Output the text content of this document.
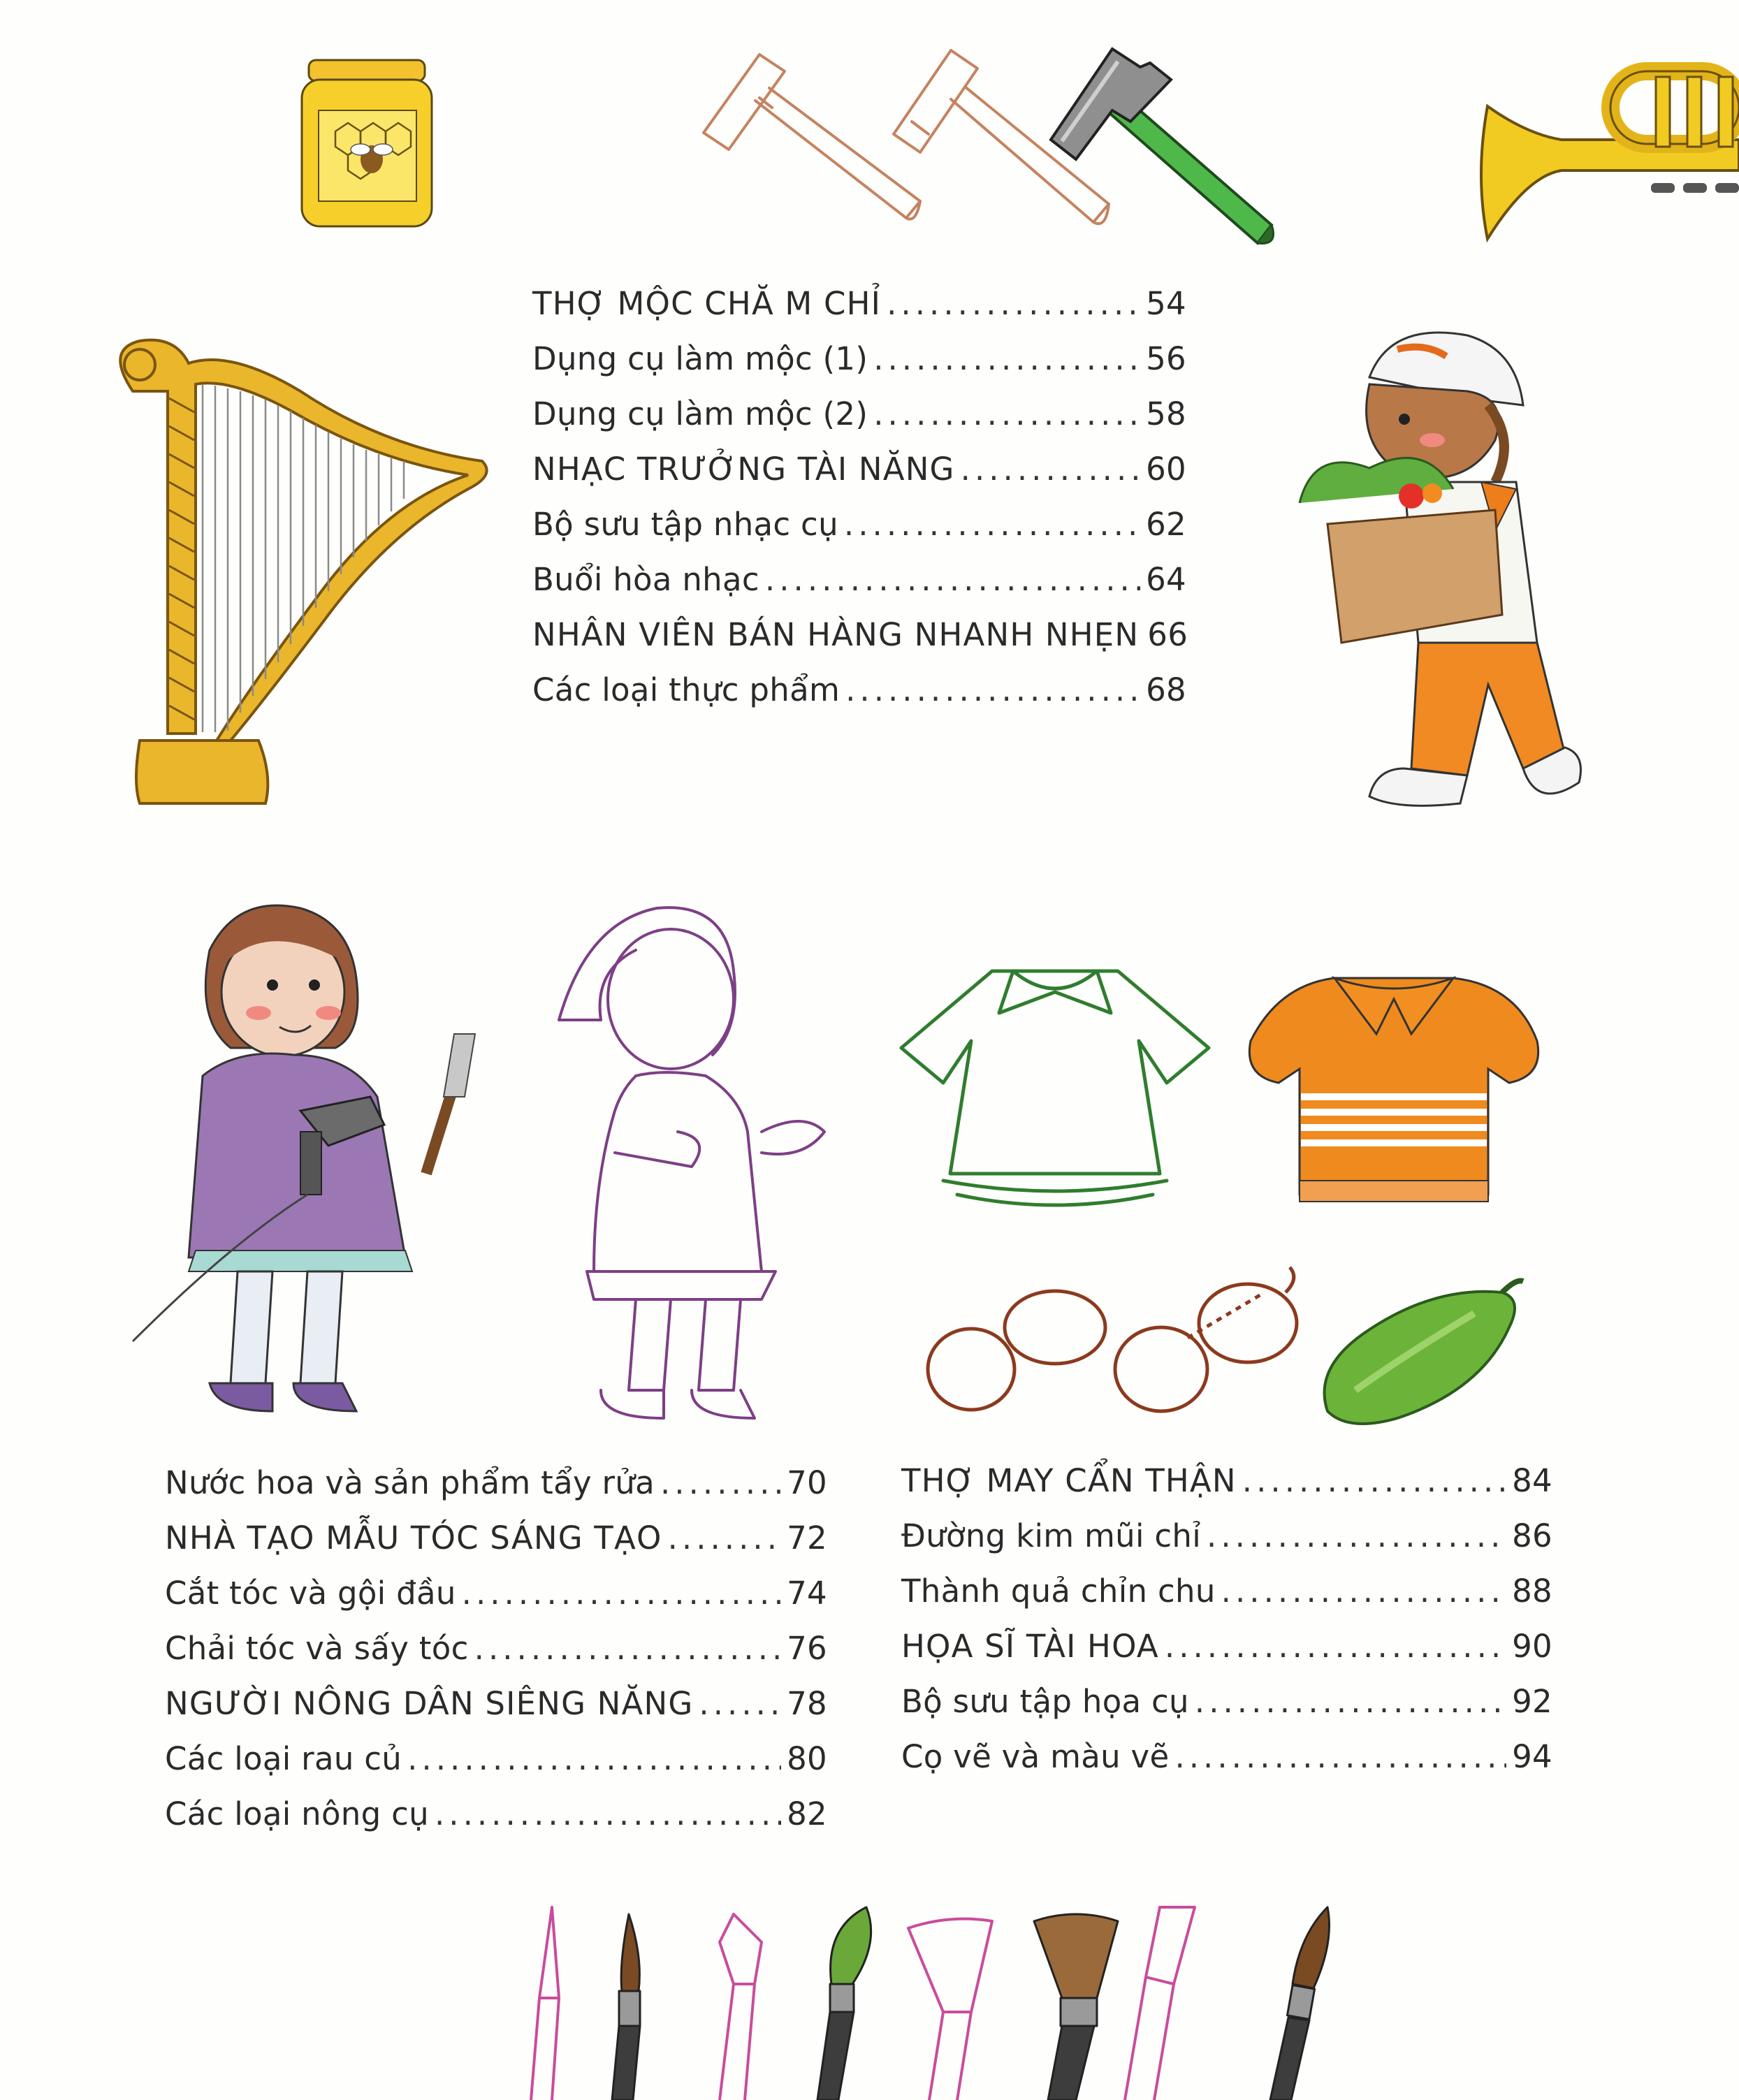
THỢ MỘC CHĂ M CHỈ .....	54
Dụng cụ làm mộc (1) .....	56
Dụng cụ làm mộc (2) .....	58
NHẠC TRƯỞNG TÀI NĂNG .....	60
Bộ sưu tập nhạc cụ .....	62
Buổi hòa nhạc .....	64
NHÂN VIÊN BÁN HÀNG NHANH NHẸN 66
Các loại thực phẩm .....	68
Nước hoa và sản phẩm tẩy rửa .....	70
NHÀ TẠO MẪU TÓC SÁNG TẠO .....	72
Cắt tóc và gội đầu .....	74
Chải tóc và sấy tóc .....	76
NGƯỜI NÔNG DÂN SIÊNG NĂNG .....	78
Các loại rau củ .....	80
Các loại nông cụ .....	82
THỢ MAY CẨN THẬN .....	84
Đường kim mũi chỉ .....	86
Thành quả chỉn chu .....	88
HỌA SĨ TÀI HOA .....	90
Bộ sưu tập họa cụ .....	92
Cọ vẽ và màu vẽ .....	94
